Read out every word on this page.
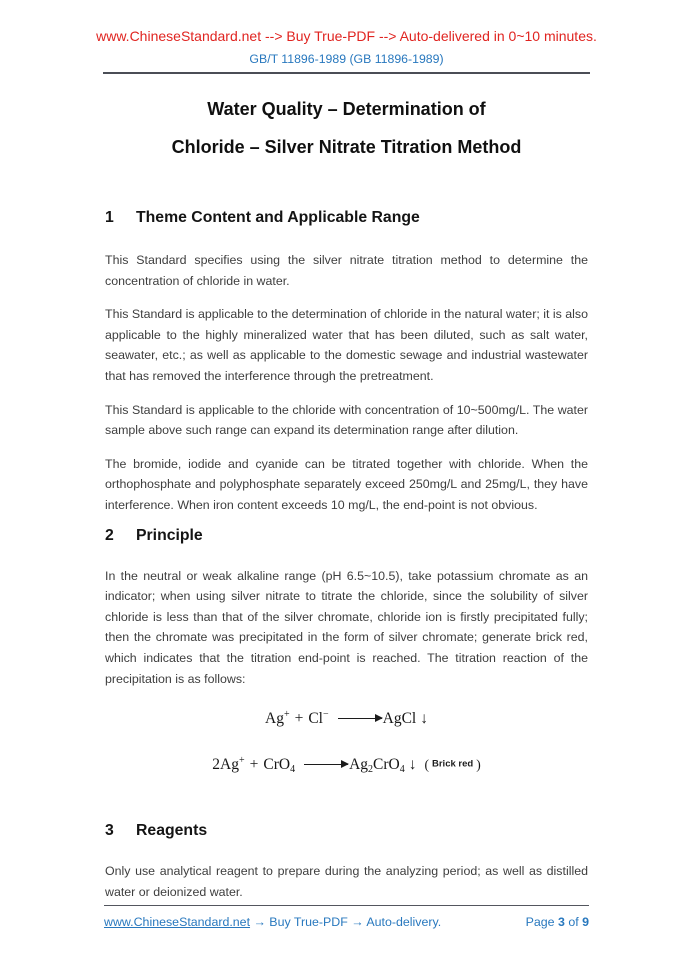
www.ChineseStandard.net --> Buy True-PDF --> Auto-delivered in 0~10 minutes.
GB/T 11896-1989 (GB 11896-1989)
Water Quality – Determination of
Chloride – Silver Nitrate Titration Method
1 Theme Content and Applicable Range

This Standard specifies using the silver nitrate titration method to determine the concentration of chloride in water.

This Standard is applicable to the determination of chloride in the natural water; it is also applicable to the highly mineralized water that has been diluted, such as salt water, seawater, etc.; as well as applicable to the domestic sewage and industrial wastewater that has removed the interference through the pretreatment.

This Standard is applicable to the chloride with concentration of 10~500mg/L. The water sample above such range can expand its determination range after dilution.

The bromide, iodide and cyanide can be titrated together with chloride. When the orthophosphate and polyphosphate separately exceed 250mg/L and 25mg/L, they have interference. When iron content exceeds 10 mg/L, the end-point is not obvious.

2 Principle

In the neutral or weak alkaline range (pH 6.5~10.5), take potassium chromate as an indicator; when using silver nitrate to titrate the chloride, since the solubility of silver chloride is less than that of the silver chromate, chloride ion is firstly precipitated fully; then the chromate was precipitated in the form of silver chromate; generate brick red, which indicates that the titration end-point is reached. The titration reaction of the precipitation is as follows:

Ag+ + Cl− →AgCl ↓
$2Ag^+ + CrO_4 \to Ag_2CrO_4$ ↓ ( Brick red )
3 Reagents

Only use analytical reagent to prepare during the analyzing period; as well as distilled water or deionized water.

www.ChineseStandard.net → Buy True-PDF → Auto-delivery.	Page 3 of 9
